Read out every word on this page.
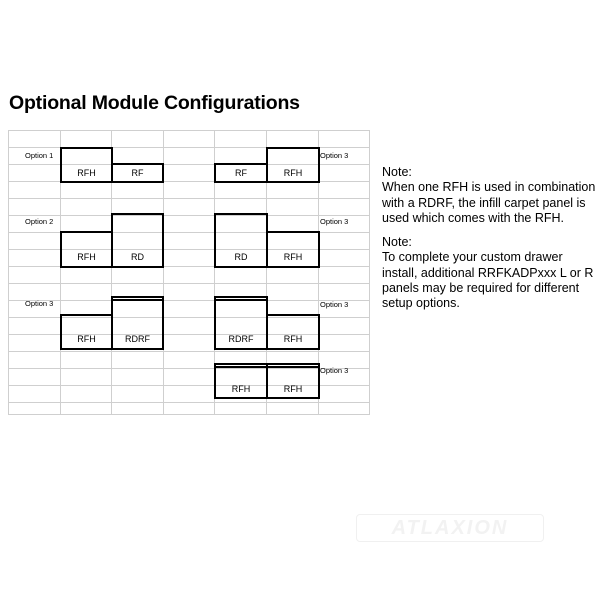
Optional Module Configurations
Option 1
RFH	RF	RF	RFH
Option 3
Option 2
RFH	RD	RD	RFH
Option 3
Option 3
RFH	RDRF	RDRF	RFH
Option 3
RFH	RFH
Option 3

Note:
When one RFH is used in combination with a RDRF, the infill carpet panel is used which comes with the RFH.

Note:
To complete your custom drawer install, additional RRFKADPxxx L or R panels may be required for different setup options.

ATLAXION
